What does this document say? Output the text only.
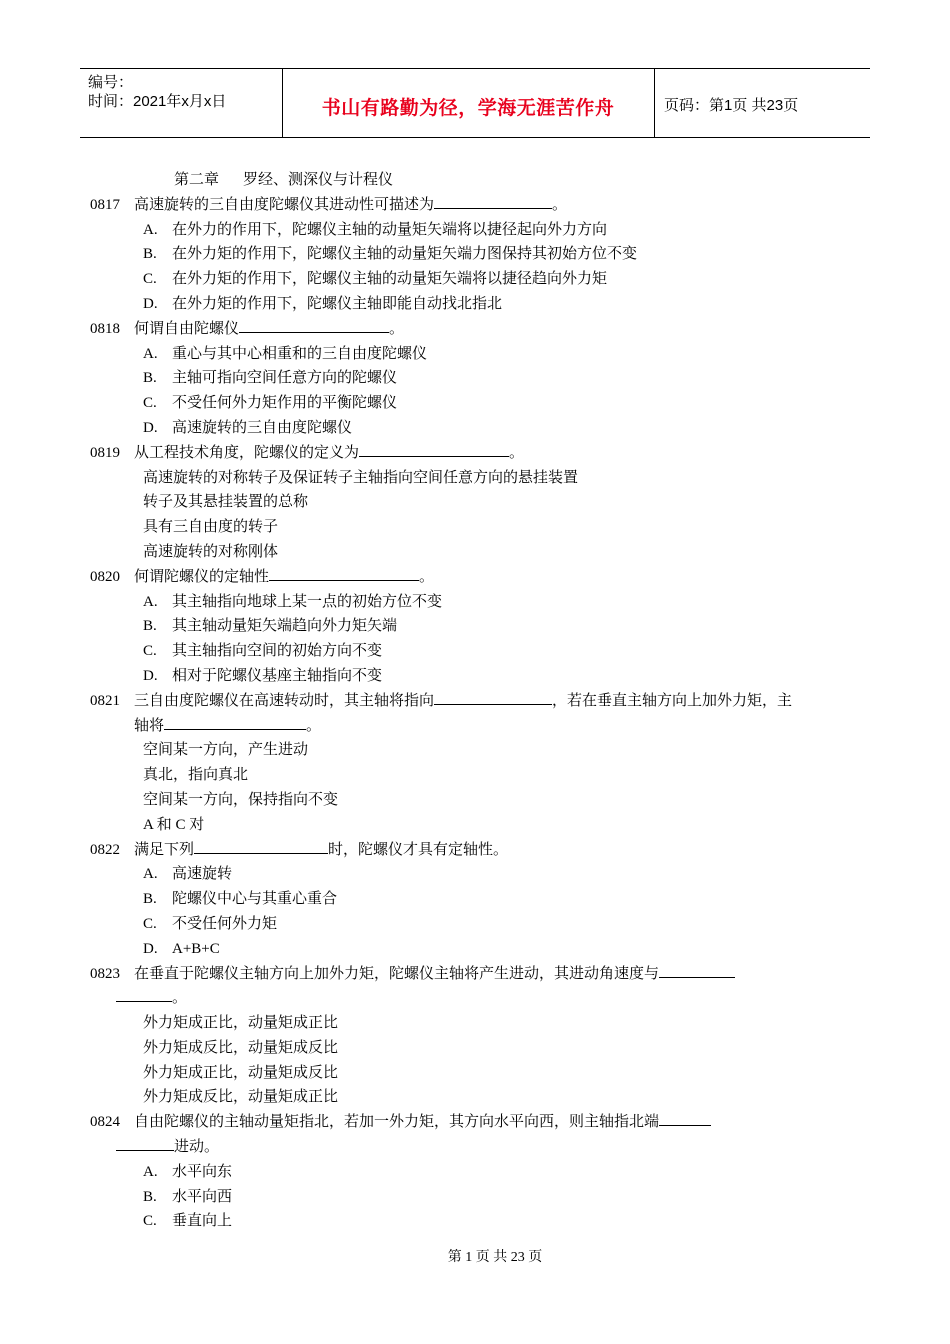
编号：
时间：2021年x月x日	书山有路勤为径，学海无涯苦作舟	页码：第1页 共23页
第二章 罗经、测深仪与计程仪
0817 高速旋转的三自由度陀螺仪其进动性可描述为	。
A. 在外力的作用下，陀螺仪主轴的动量矩矢端将以捷径起向外力方向
B.	在外力矩的作用下，陀螺仪主轴的动量矩矢端力图保持其初始方位不变
C.	在外力矩的作用下，陀螺仪主轴的动量矩矢端将以捷径趋向外力矩
D. 在外力矩的作用下，陀螺仪主轴即能自动找北指北
0818 何谓自由陀螺仪	。
A. 重心与其中心相重和的三自由度陀螺仪
B.	主轴可指向空间任意方向的陀螺仪
C.	不受任何外力矩作用的平衡陀螺仪
D. 高速旋转的三自由度陀螺仪
0819 从工程技术角度，陀螺仪的定义为	。
高速旋转的对称转子及保证转子主轴指向空间任意方向的悬挂装置
转子及其悬挂装置的总称
具有三自由度的转子
高速旋转的对称刚体
0820 何谓陀螺仪的定轴性	。
A. 其主轴指向地球上某一点的初始方位不变
B.	其主轴动量矩矢端趋向外力矩矢端
C.	其主轴指向空间的初始方向不变
D. 相对于陀螺仪基座主轴指向不变
0821 三自由度陀螺仪在高速转动时，其主轴将指向	，若在垂直主轴方向上加外力矩，主
轴将	。
空间某一方向，产生进动
真北，指向真北
空间某一方向，保持指向不变
A 和 C 对
0822 满足下列	时，陀螺仪才具有定轴性。
A. 高速旋转
B.	陀螺仪中心与其重心重合
C.	不受任何外力矩
D. A+B+C
0823 在垂直于陀螺仪主轴方向上加外力矩，陀螺仪主轴将产生进动，其进动角速度与
。
外力矩成正比，动量矩成正比
外力矩成反比，动量矩成反比
外力矩成正比，动量矩成反比
外力矩成反比，动量矩成正比
0824 自由陀螺仪的主轴动量矩指北，若加一外力矩，其方向水平向西，则主轴指北端
进动。
A. 水平向东
B.	水平向西
C.	垂直向上
第 1 页 共 23 页
